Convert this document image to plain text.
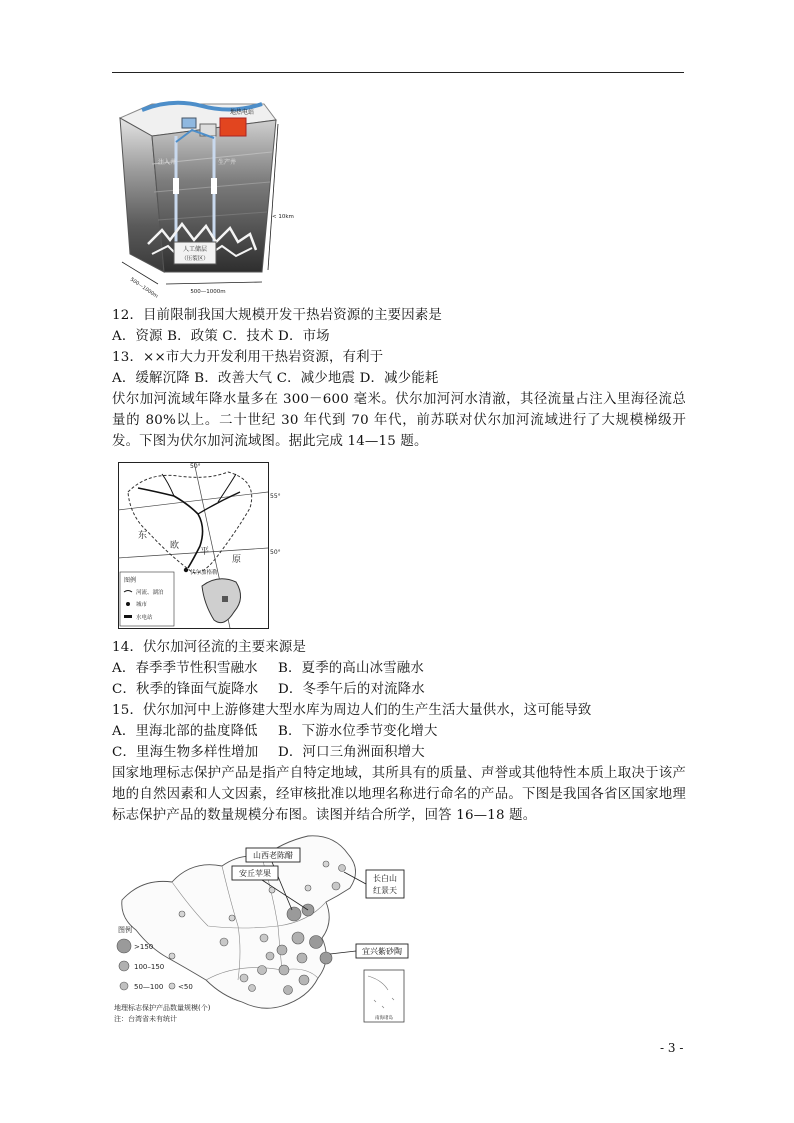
地热电站
注入井	生产井
人工储层
（压裂区）
< 10km
500—1000m
500—1000m
12．目前限制我国大规模开发干热岩资源的主要因素是
A．资源 B．政策 C．技术 D．市场
13．××市大力开发利用干热岩资源，有利于
A．缓解沉降 B．改善大气 C．减少地震 D．减少能耗
伏尔加河流域年降水量多在 300－600 毫米。伏尔加河河水清澈，其径流量占注入里海径流总量的 80%以上。二十世纪 30 年代到 70 年代，前苏联对伏尔加河流域进行了大规模梯级开发。下图为伏尔加河流域图。据此完成 14—15 题。
55°
50°
50°
东
欧
平
原
伏尔加格勒
图例
河流、湖泊
城市
水电站
14．伏尔加河径流的主要来源是
A．春季季节性积雪融水 B．夏季的高山冰雪融水
C．秋季的锋面气旋降水 D．冬季午后的对流降水
15．伏尔加河中上游修建大型水库为周边人们的生产生活大量供水，这可能导致
A．里海北部的盐度降低 B．下游水位季节变化增大
C．里海生物多样性增加 D．河口三角洲面积增大
国家地理标志保护产品是指产自特定地域，其所具有的质量、声誉或其他特性本质上取决于该产地的自然因素和人文因素，经审核批准以地理名称进行命名的产品。下图是我国各省区国家地理标志保护产品的数量规模分布图。读图并结合所学，回答 16—18 题。
山西老陈醋
安丘苹果
长白山
红景天
宜兴紫砂陶
图例
>150
100–150
50—100 <50
地理标志保护产品数量规模(个)
注：台湾省未有统计	南海诸岛
- 3 -
